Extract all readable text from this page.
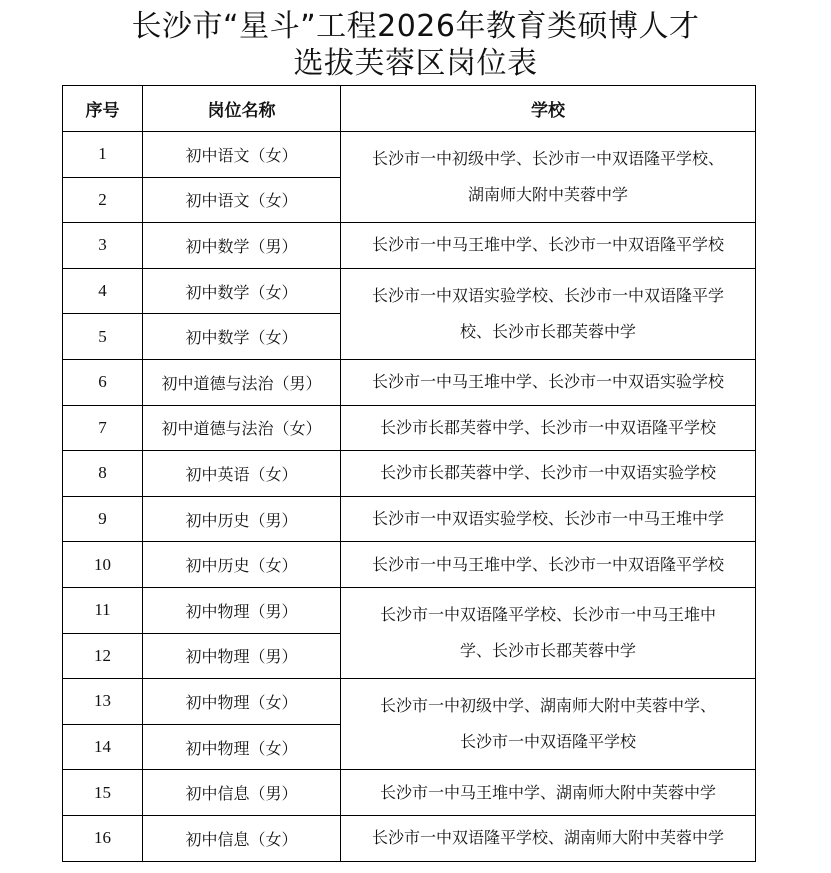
长沙市“星斗”工程2026年教育类硕博人才
选拔芙蓉区岗位表
序号	岗位名称	学校
1	初中语文（女）	长沙市一中初级中学、长沙市一中双语隆平学校、
湖南师大附中芙蓉中学
2	初中语文（女）	
3	初中数学（男）	长沙市一中马王堆中学、长沙市一中双语隆平学校
4	初中数学（女）	长沙市一中双语实验学校、长沙市一中双语隆平学
校、长沙市长郡芙蓉中学
5	初中数学（女）	
6	初中道德与法治（男）	长沙市一中马王堆中学、长沙市一中双语实验学校
7	初中道德与法治（女）	长沙市长郡芙蓉中学、长沙市一中双语隆平学校
8	初中英语（女）	长沙市长郡芙蓉中学、长沙市一中双语实验学校
9	初中历史（男）	长沙市一中双语实验学校、长沙市一中马王堆中学
10	初中历史（女）	长沙市一中马王堆中学、长沙市一中双语隆平学校
11	初中物理（男）	长沙市一中双语隆平学校、长沙市一中马王堆中
学、长沙市长郡芙蓉中学
12	初中物理（男）	
13	初中物理（女）	长沙市一中初级中学、湖南师大附中芙蓉中学、
长沙市一中双语隆平学校
14	初中物理（女）	
15	初中信息（男）	长沙市一中马王堆中学、湖南师大附中芙蓉中学
16	初中信息（女）	长沙市一中双语隆平学校、湖南师大附中芙蓉中学
